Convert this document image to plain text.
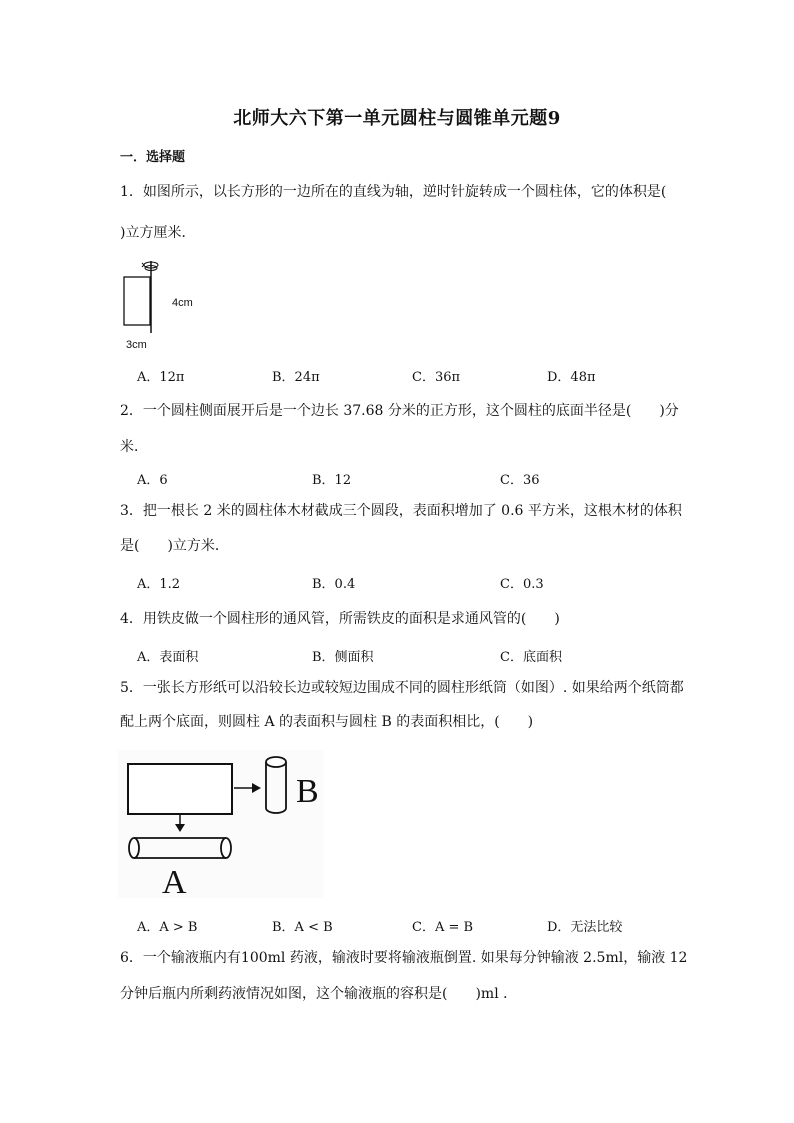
北师大六下第一单元圆柱与圆锥单元题9
一．选择题
1．如图所示，以长方形的一边所在的直线为轴，逆时针旋转成一个圆柱体，它的体积是(
)立方厘米．
4cm
3cm
A．12π	B．24π	C．36π	D．48π
2．一个圆柱侧面展开后是一个边长 37.68 分米的正方形，这个圆柱的底面半径是(　　)分
米．
A．6	B．12	C．36
3．把一根长 2 米的圆柱体木材截成三个圆段，表面积增加了 0.6 平方米，这根木材的体积
是(　　)立方米．
A．1.2	B．0.4	C．0.3
4．用铁皮做一个圆柱形的通风管，所需铁皮的面积是求通风管的(　　)
A．表面积	B．侧面积	C．底面积
5．一张长方形纸可以沿较长边或较短边围成不同的圆柱形纸筒（如图）. 如果给两个纸筒都
配上两个底面，则圆柱 A 的表面积与圆柱 B 的表面积相比，(　　)
B
A
A．A > B	B．A < B	C．A = B	D．无法比较
6．一个输液瓶内有100ml 药液，输液时要将输液瓶倒置. 如果每分钟输液 2.5ml，输液 12
分钟后瓶内所剩药液情况如图，这个输液瓶的容积是(　　)ml ．
